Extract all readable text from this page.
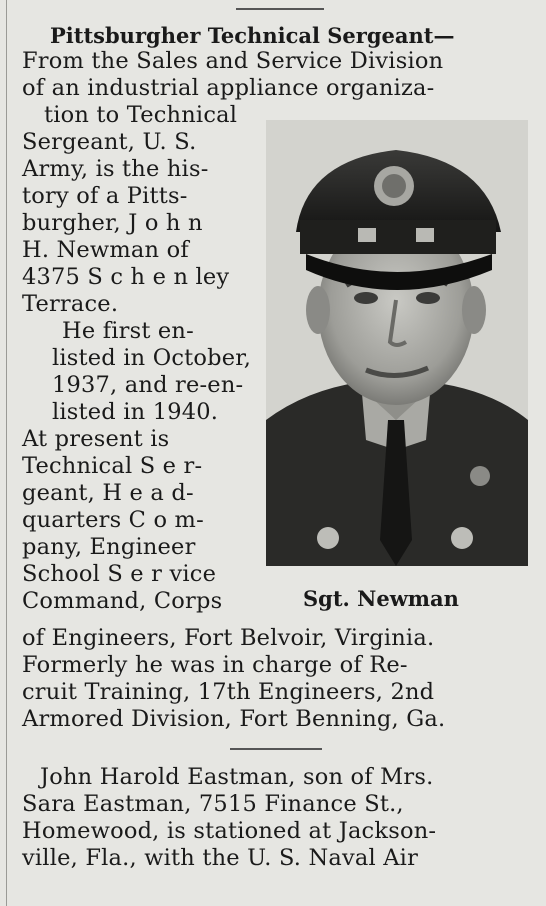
Pittsburgher Technical Sergeant—
From the Sales and Service Division
of an industrial appliance organiza-
tion to Technical
Sergeant, U. S.
Army, is the his-
tory of a Pitts-
burgher, J o h n
H. Newman of
4375 S c h e n ley
Terrace.
He first en-
listed in October,
1937, and re-en-
listed in 1940.
At present is
Technical S e r-
geant, H e a d-
quarters C o m-
pany, Engineer
School S e r vice
Command, Corps
of Engineers, Fort Belvoir, Virginia.
Formerly he was in charge of Re-
cruit Training, 17th Engineers, 2nd
Armored Division, Fort Benning, Ga.
Sgt. Newman
John Harold Eastman, son of Mrs.
Sara Eastman, 7515 Finance St.,
Homewood, is stationed at Jackson-
ville, Fla., with the U. S. Naval Air
